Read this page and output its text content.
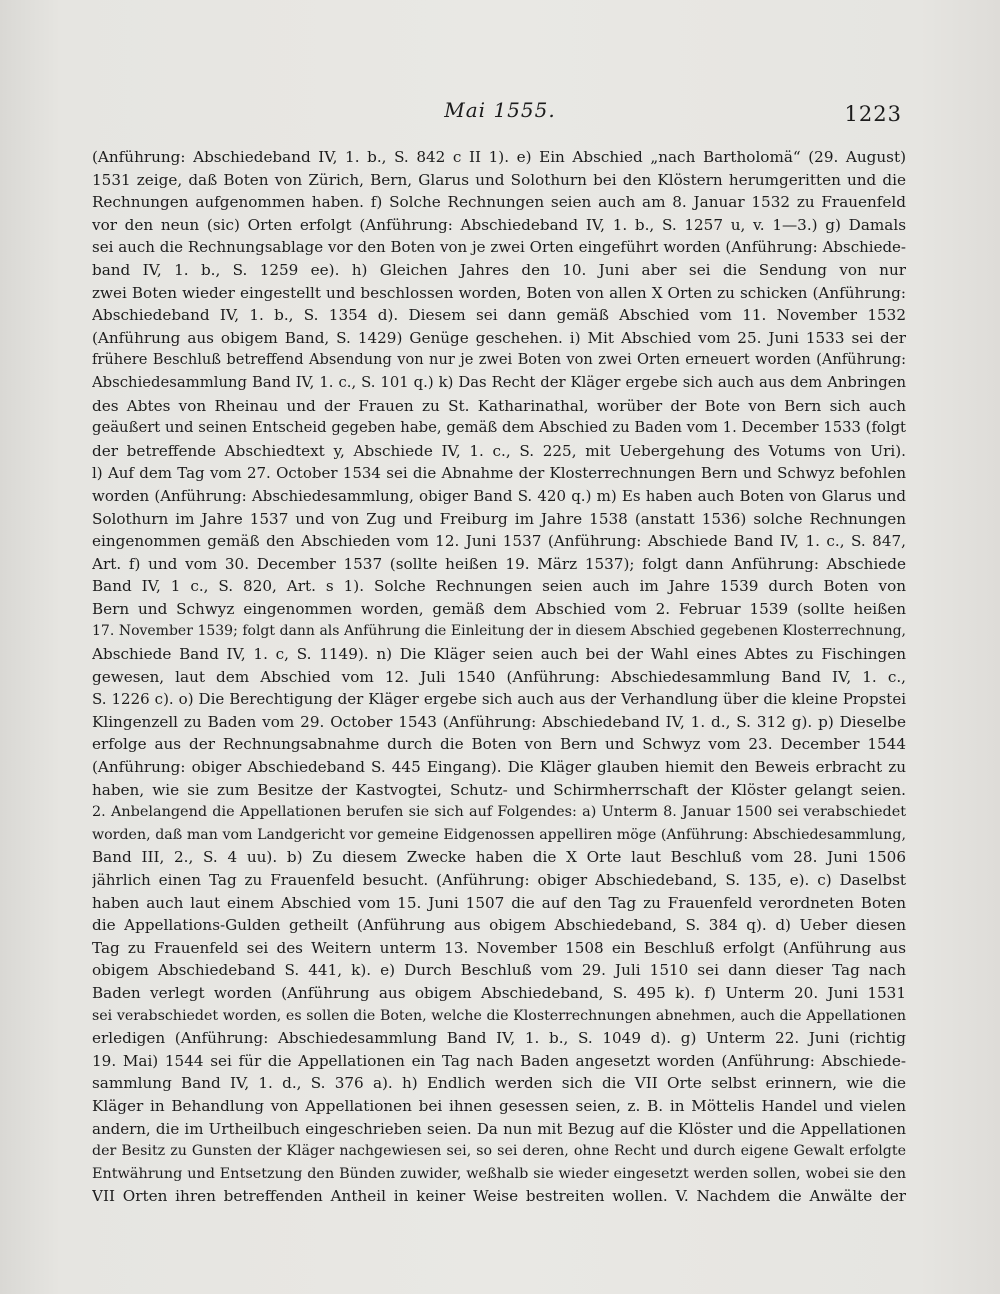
Mai 1555.	1223
(Anführung: Abschiedeband IV, 1. b., S. 842 c II 1). e) Ein Abschied „nach Bartholomä“ (29. August)
1531 zeige, daß Boten von Zürich, Bern, Glarus und Solothurn bei den Klöstern herumgeritten und die
Rechnungen aufgenommen haben. f) Solche Rechnungen seien auch am 8. Januar 1532 zu Frauenfeld
vor den neun (sic) Orten erfolgt (Anführung: Abschiedeband IV, 1. b., S. 1257 u, v. 1—3.) g) Damals
sei auch die Rechnungsablage vor den Boten von je zwei Orten eingeführt worden (Anführung: Abschiede-
band IV, 1. b., S. 1259 ee). h) Gleichen Jahres den 10. Juni aber sei die Sendung von nur
zwei Boten wieder eingestellt und beschlossen worden, Boten von allen X Orten zu schicken (Anführung:
Abschiedeband IV, 1. b., S. 1354 d). Diesem sei dann gemäß Abschied vom 11. November 1532
(Anführung aus obigem Band, S. 1429) Genüge geschehen. i) Mit Abschied vom 25. Juni 1533 sei der
frühere Beschluß betreffend Absendung von nur je zwei Boten von zwei Orten erneuert worden (Anführung:
Abschiedesammlung Band IV, 1. c., S. 101 q.) k) Das Recht der Kläger ergebe sich auch aus dem Anbringen
des Abtes von Rheinau und der Frauen zu St. Katharinathal, worüber der Bote von Bern sich auch
geäußert und seinen Entscheid gegeben habe, gemäß dem Abschied zu Baden vom 1. December 1533 (folgt
der betreffende Abschiedtext y, Abschiede IV, 1. c., S. 225, mit Uebergehung des Votums von Uri).
l) Auf dem Tag vom 27. October 1534 sei die Abnahme der Klosterrechnungen Bern und Schwyz befohlen
worden (Anführung: Abschiedesammlung, obiger Band S. 420 q.) m) Es haben auch Boten von Glarus und
Solothurn im Jahre 1537 und von Zug und Freiburg im Jahre 1538 (anstatt 1536) solche Rechnungen
eingenommen gemäß den Abschieden vom 12. Juni 1537 (Anführung: Abschiede Band IV, 1. c., S. 847,
Art. f) und vom 30. December 1537 (sollte heißen 19. März 1537); folgt dann Anführung: Abschiede
Band IV, 1 c., S. 820, Art. s 1). Solche Rechnungen seien auch im Jahre 1539 durch Boten von
Bern und Schwyz eingenommen worden, gemäß dem Abschied vom 2. Februar 1539 (sollte heißen
17. November 1539; folgt dann als Anführung die Einleitung der in diesem Abschied gegebenen Klosterrechnung,
Abschiede Band IV, 1. c, S. 1149). n) Die Kläger seien auch bei der Wahl eines Abtes zu Fischingen
gewesen, laut dem Abschied vom 12. Juli 1540 (Anführung: Abschiedesammlung Band IV, 1. c.,
S. 1226 c). o) Die Berechtigung der Kläger ergebe sich auch aus der Verhandlung über die kleine Propstei
Klingenzell zu Baden vom 29. October 1543 (Anführung: Abschiedeband IV, 1. d., S. 312 g). p) Dieselbe
erfolge aus der Rechnungsabnahme durch die Boten von Bern und Schwyz vom 23. December 1544
(Anführung: obiger Abschiedeband S. 445 Eingang). Die Kläger glauben hiemit den Beweis erbracht zu
haben, wie sie zum Besitze der Kastvogtei, Schutz- und Schirmherrschaft der Klöster gelangt seien.
2. Anbelangend die Appellationen berufen sie sich auf Folgendes: a) Unterm 8. Januar 1500 sei verabschiedet
worden, daß man vom Landgericht vor gemeine Eidgenossen appelliren möge (Anführung: Abschiedesammlung,
Band III, 2., S. 4 uu). b) Zu diesem Zwecke haben die X Orte laut Beschluß vom 28. Juni 1506
jährlich einen Tag zu Frauenfeld besucht. (Anführung: obiger Abschiedeband, S. 135, e). c) Daselbst
haben auch laut einem Abschied vom 15. Juni 1507 die auf den Tag zu Frauenfeld verordneten Boten
die Appellations-Gulden getheilt (Anführung aus obigem Abschiedeband, S. 384 q). d) Ueber diesen
Tag zu Frauenfeld sei des Weitern unterm 13. November 1508 ein Beschluß erfolgt (Anführung aus
obigem Abschiedeband S. 441, k). e) Durch Beschluß vom 29. Juli 1510 sei dann dieser Tag nach
Baden verlegt worden (Anführung aus obigem Abschiedeband, S. 495 k). f) Unterm 20. Juni 1531
sei verabschiedet worden, es sollen die Boten, welche die Klosterrechnungen abnehmen, auch die Appellationen
erledigen (Anführung: Abschiedesammlung Band IV, 1. b., S. 1049 d). g) Unterm 22. Juni (richtig
19. Mai) 1544 sei für die Appellationen ein Tag nach Baden angesetzt worden (Anführung: Abschiede-
sammlung Band IV, 1. d., S. 376 a). h) Endlich werden sich die VII Orte selbst erinnern, wie die
Kläger in Behandlung von Appellationen bei ihnen gesessen seien, z. B. in Möttelis Handel und vielen
andern, die im Urtheilbuch eingeschrieben seien. Da nun mit Bezug auf die Klöster und die Appellationen
der Besitz zu Gunsten der Kläger nachgewiesen sei, so sei deren, ohne Recht und durch eigene Gewalt erfolgte
Entwährung und Entsetzung den Bünden zuwider, weßhalb sie wieder eingesetzt werden sollen, wobei sie den
VII Orten ihren betreffenden Antheil in keiner Weise bestreiten wollen. V. Nachdem die Anwälte der
